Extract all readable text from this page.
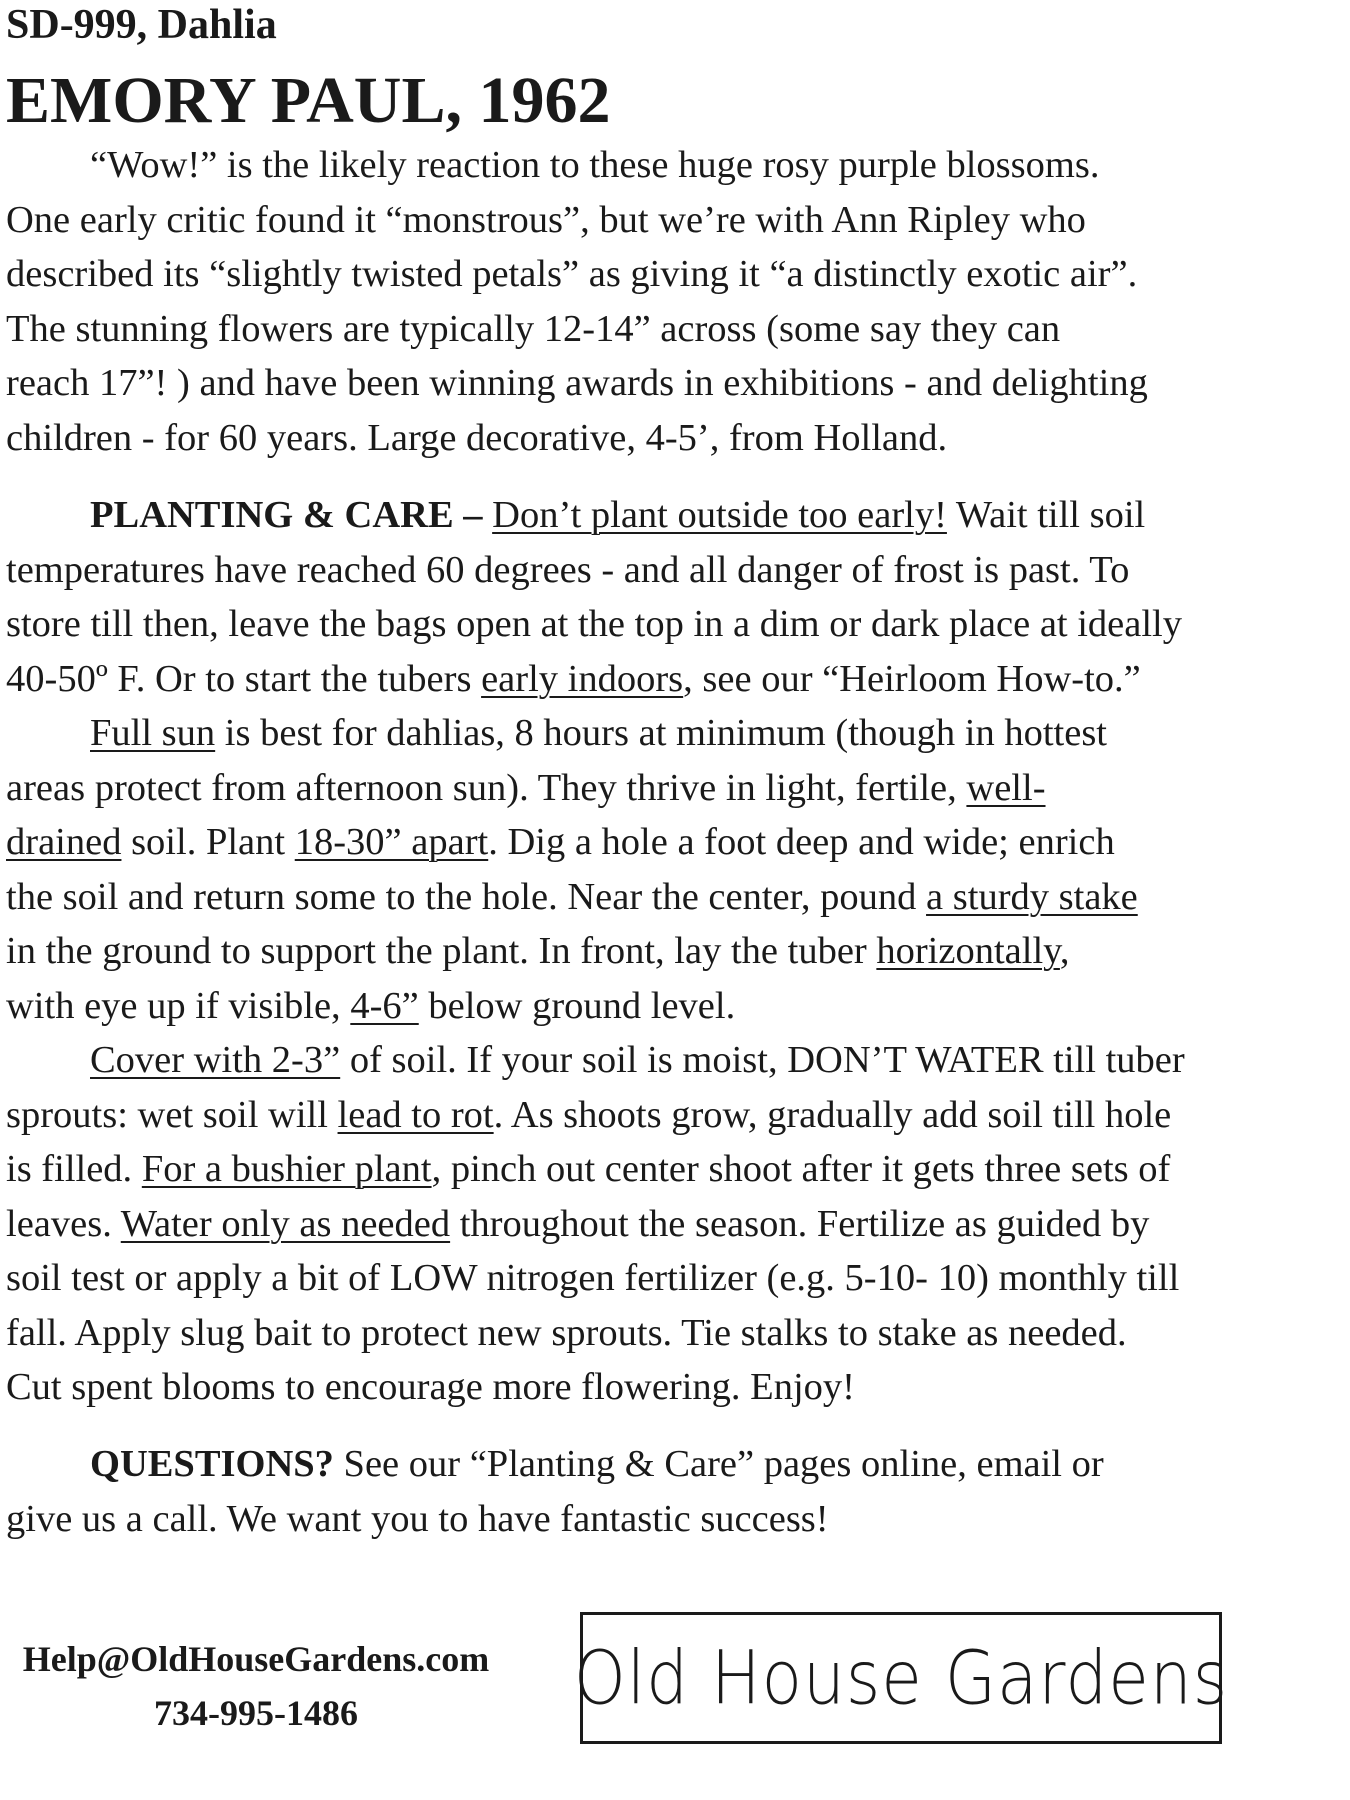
SD-999, Dahlia
EMORY PAUL, 1962
“Wow!” is the likely reaction to these huge rosy purple blossoms.
One early critic found it “monstrous”, but we’re with Ann Ripley who
described its “slightly twisted petals” as giving it “a distinctly exotic air”.
The stunning flowers are typically 12-14” across (some say they can
reach 17”! ) and have been winning awards in exhibitions - and delighting
children - for 60 years. Large decorative, 4-5’, from Holland.
PLANTING & CARE – Don’t plant outside too early! Wait till soil
temperatures have reached 60 degrees - and all danger of frost is past. To
store till then, leave the bags open at the top in a dim or dark place at ideally
40-50º F. Or to start the tubers early indoors, see our “Heirloom How-to.”
Full sun is best for dahlias, 8 hours at minimum (though in hottest
areas protect from afternoon sun). They thrive in light, fertile, well-
drained soil. Plant 18-30” apart. Dig a hole a foot deep and wide; enrich
the soil and return some to the hole. Near the center, pound a sturdy stake
in the ground to support the plant. In front, lay the tuber horizontally,
with eye up if visible, 4-6” below ground level.
Cover with 2-3” of soil. If your soil is moist, DON’T WATER till tuber
sprouts: wet soil will lead to rot. As shoots grow, gradually add soil till hole
is filled. For a bushier plant, pinch out center shoot after it gets three sets of
leaves. Water only as needed throughout the season. Fertilize as guided by
soil test or apply a bit of LOW nitrogen fertilizer (e.g. 5-10- 10) monthly till
fall. Apply slug bait to protect new sprouts. Tie stalks to stake as needed.
Cut spent blooms to encourage more flowering. Enjoy!
QUESTIONS? See our “Planting & Care” pages online, email or
give us a call. We want you to have fantastic success!
Help@OldHouseGardens.com
734-995-1486	Old House Gardens
